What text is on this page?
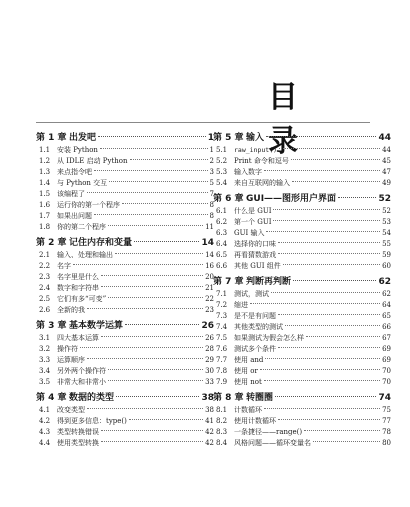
目 录
第 1 章 出发吧	1
1.1 安装 Python	1
1.2 从 IDLE 启动 Python	2
1.3 来点指令吧	3
1.4 与 Python 交互	5
1.5 该编程了	7
1.6 运行你的第一个程序	8
1.7 如果出问题	8
1.8 你的第二个程序	11
第 2 章 记住内存和变量	14
2.1 输入、处理和输出	14
2.2 名字	16
2.3 名字里是什么	20
2.4 数字和字符串	21
2.5 它们有多“可变”	22
2.6 全新的我	23
第 3 章 基本数学运算	26
3.1 四大基本运算	26
3.2 操作符	28
3.3 运算顺序	29
3.4 另外两个操作符	30
3.5 非常大和非常小	33
第 4 章 数据的类型	38
4.1 改变类型	38
4.2 得到更多信息：type()	41
4.3 类型转换错误	42
4.4 使用类型转换	42
第 5 章 输入	44
5.1	raw_input()	44
5.2 Print 命令和逗号	45
5.3 输入数字	47
5.4 来自互联网的输入	49
第 6 章 GUI——图形用户界面	52
6.1 什么是 GUI	52
6.2 第一个 GUI	53
6.3 GUI 输入	54
6.4 选择你的口味	55
6.5 再看猜数游戏	59
6.6 其他 GUI 组件	60
第 7 章 判断再判断	62
7.1 测试，测试	62
7.2 缩进	64
7.3 是不是有问题	65
7.4 其他类型的测试	66
7.5 如果测试为假会怎么样	67
7.6 测试多个条件	69
7.7 使用 and	69
7.8 使用 or	70
7.9 使用 not	70
第 8 章 转圈圈	74
8.1 计数循环	75
8.2 使用计数循环	77
8.3 一条捷径——range()	78
8.4 风格问题——循环变量名	80
